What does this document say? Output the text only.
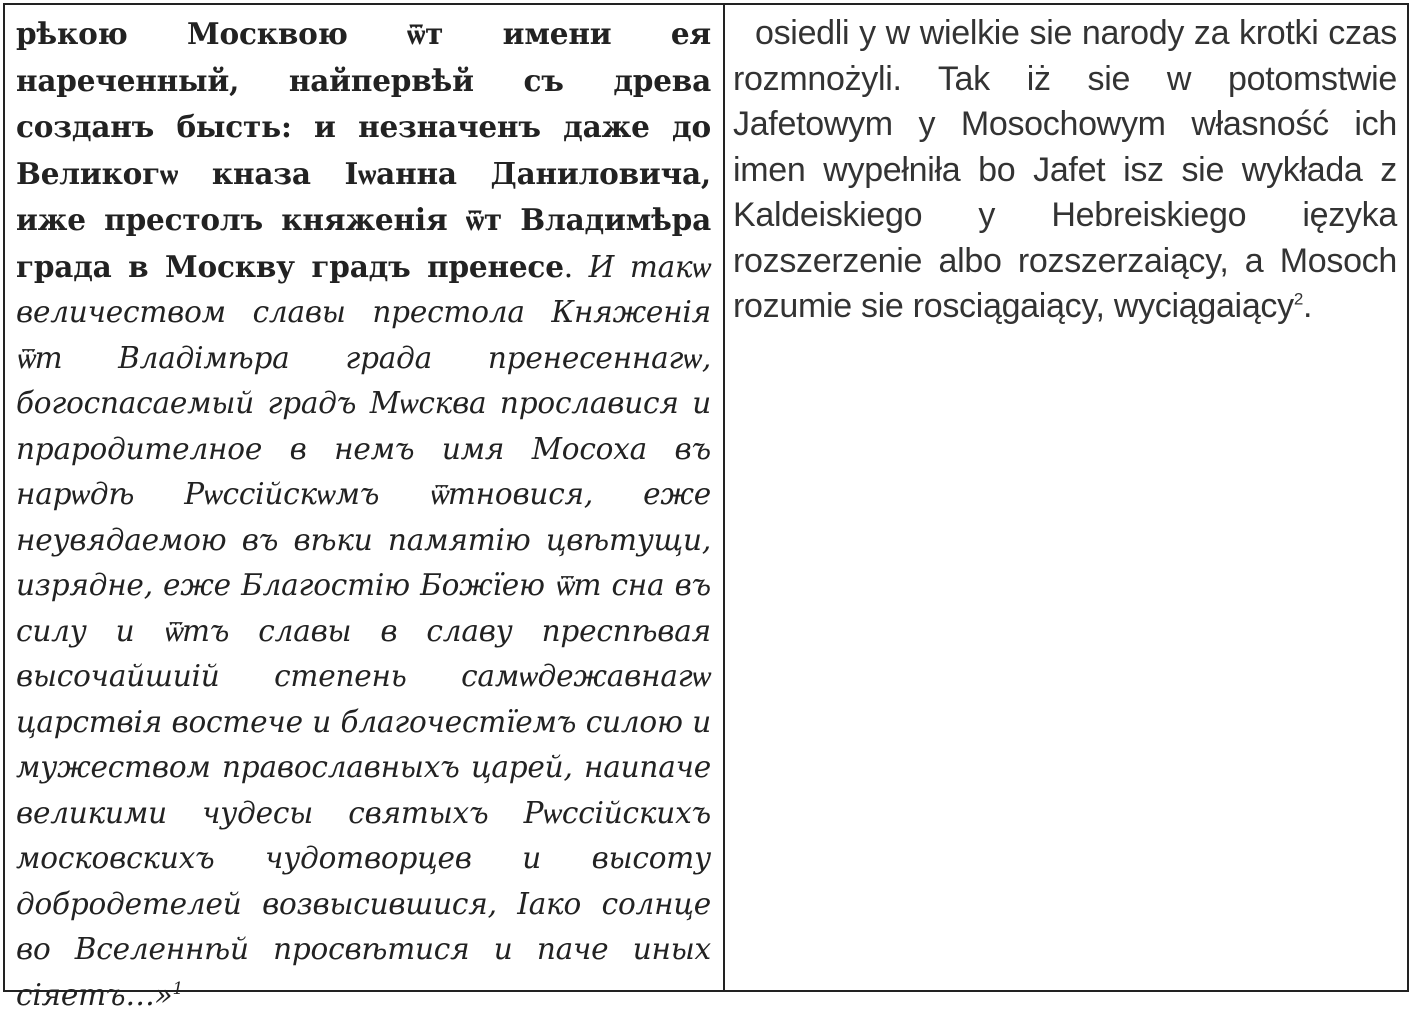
рѣкою Москвою ѿт имени ея нареченный, найпервѣй съ древа созданъ бысть: и незначенъ даже до Великогѡ кназа Іѡанна Даниловича, иже престолъ княженія ѿт Владимѣра града в Москву градъ пренесе. И такѡ величеством славы престола Княженія ѿт Владімѣра града пренесеннагѡ, богоспасаемый градъ Мѡсква прославися и прародителное в немъ имя Мосоха въ нарѡдѣ Рѡссійскѡмъ ѿтновися, еже неувядаемою въ вѣки памятію цвѣтущи, изрядне, еже Благостію Божїею ѿт сна въ силу и ѿтъ славы в славу преспѣвая высочайшиій степень самѡдежавнагѡ царствія востече и благочестїемъ силою и мужеством православныхъ царей, наипаче великими чудесы святыхъ Рѡссійскихъ московскихъ чудотворцев и высоту добродетелей возвысившися, Іако солнце во Вселеннѣй просвѣтися и паче иных сіяетъ…»$^1$

osiedli y w wielkie sie narody za krotki czas rozmnożyli. Tak iż sie w potomstwie Jafetowym y Mosochowym własność ich imen wypełniła bo Jafet isz sie wykłada z Kaldeiskiego y Hebreiskiego ięzyka rozszerzenie albo rozszerzaiący, a Mosoch rozumie sie rosciągaiący, wyciągaiący$^2$.
